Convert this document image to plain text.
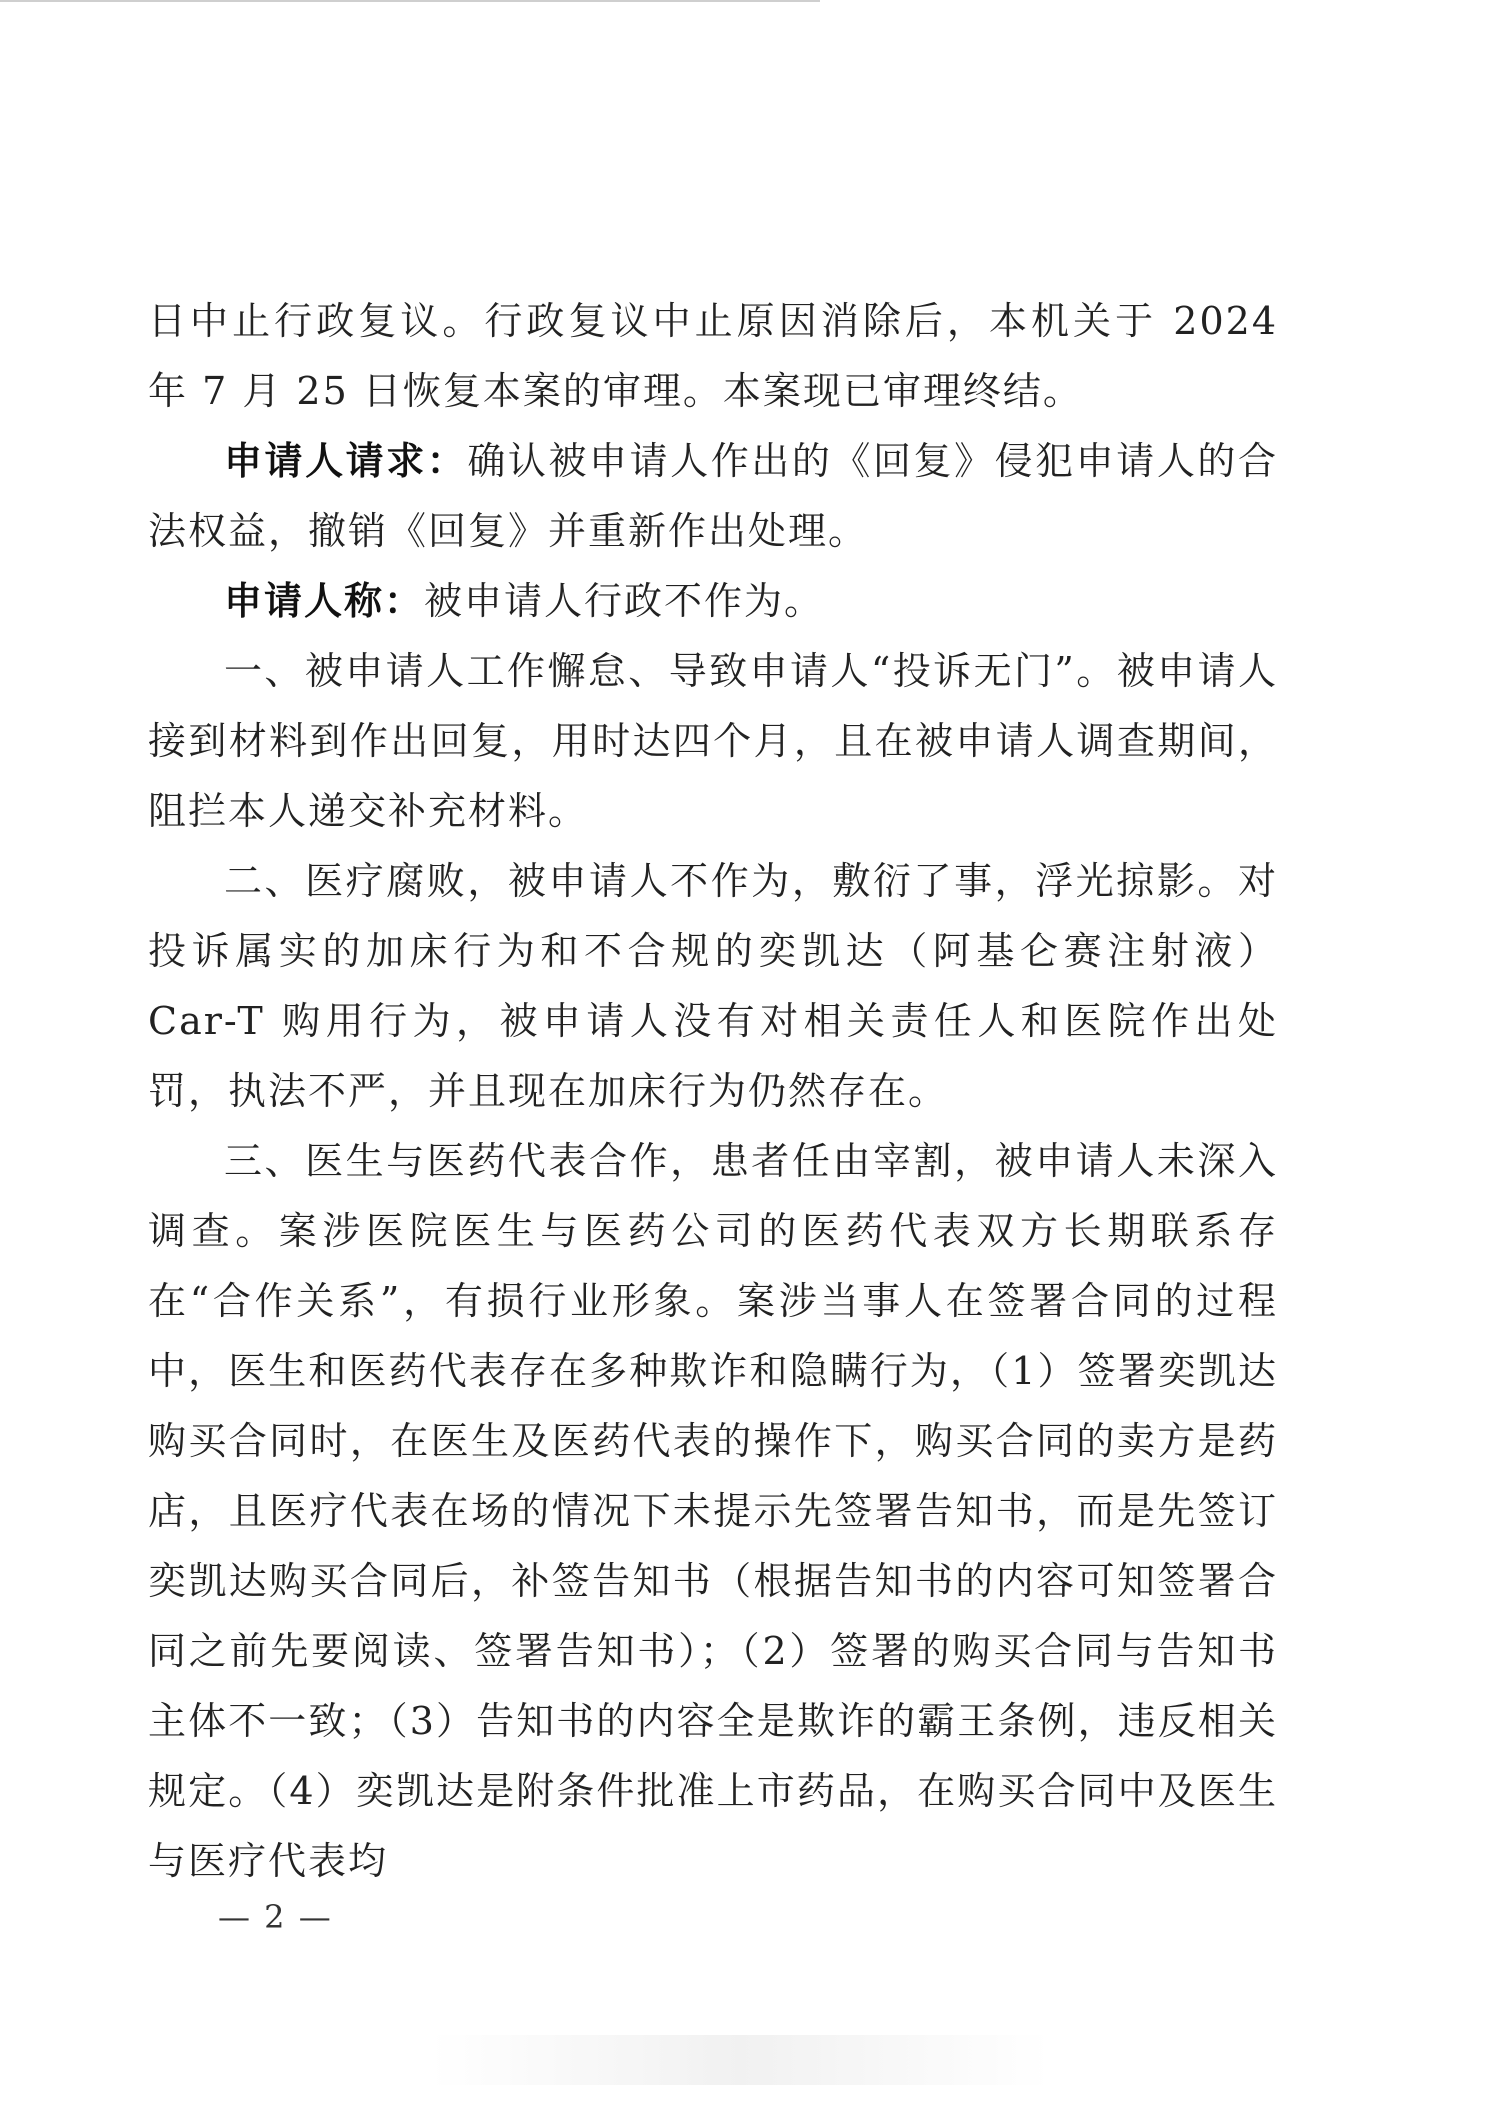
日中止行政复议。行政复议中止原因消除后，本机关于 2024 年 7 月 25 日恢复本案的审理。本案现已审理终结。

申请人请求：确认被申请人作出的《回复》侵犯申请人的合法权益，撤销《回复》并重新作出处理。

申请人称：被申请人行政不作为。

一、被申请人工作懈怠、导致申请人“投诉无门”。被申请人接到材料到作出回复，用时达四个月，且在被申请人调查期间，阻拦本人递交补充材料。

二、医疗腐败，被申请人不作为，敷衍了事，浮光掠影。对投诉属实的加床行为和不合规的奕凯达（阿基仑赛注射液）Car-T 购用行为，被申请人没有对相关责任人和医院作出处罚，执法不严，并且现在加床行为仍然存在。

三、医生与医药代表合作，患者任由宰割，被申请人未深入调查。案涉医院医生与医药公司的医药代表双方长期联系存在“合作关系”，有损行业形象。案涉当事人在签署合同的过程中，医生和医药代表存在多种欺诈和隐瞒行为，（1）签署奕凯达购买合同时，在医生及医药代表的操作下，购买合同的卖方是药店，且医疗代表在场的情况下未提示先签署告知书，而是先签订奕凯达购买合同后，补签告知书（根据告知书的内容可知签署合同之前先要阅读、签署告知书）；（2）签署的购买合同与告知书主体不一致；（3）告知书的内容全是欺诈的霸王条例，违反相关规定。（4）奕凯达是附条件批准上市药品，在购买合同中及医生与医疗代表均

— 2 —
